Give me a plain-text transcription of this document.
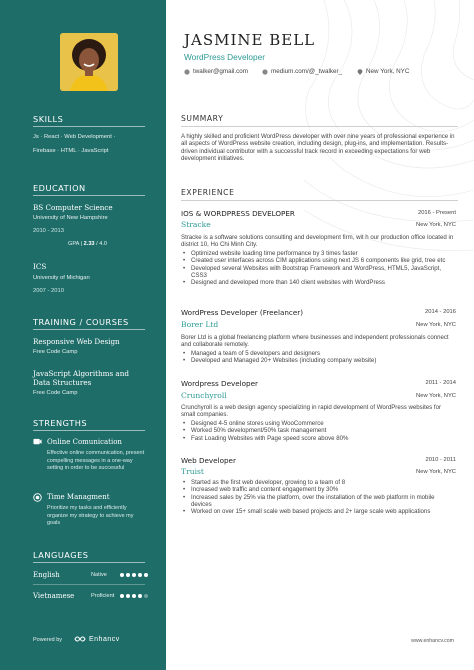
SKILLS
Js · React · Web Development ·
Firebase · HTML · JavaScript
EDUCATION
BS Computer Science
University of New Hampshire
2010 - 2013
GPA | 2.33 / 4.0
ICS
University of Michigan
2007 - 2010
TRAINING / COURSES
Responsive Web Design
Free Code Camp
JavaScript Algorithms and
Data Structures
Free Code Camp
STRENGTHS
Online Comunication
Effective online communication, present compelling messages in a one-way setting in order to be successful
Time Managment
Prioritize my tasks and efficiently organize my strategy to achieve my goals
LANGUAGES
English	Native
Vietnamese	Proficient
Powered by	Enhancv
JASMINE BELL
WordPress Developer
twalker@gmail.com	medium.com/@_twalker_	New York, NYC
SUMMARY
A highly skilled and proficient WordPress developer with over nine years of professional experience in all aspects of WordPress website creation, including design, plug-ins, and implementation. Results-driven individual contributor with a successful track record in exceeding expectations for web development initiatives.
EXPERIENCE
IOS & WORDPRESS DEVELOPER	2016 - Present
Stracke	New York, NYC
Stracke is a software solutions consulting and development firm, wit h our production office located in district 10, Ho Chi Minh City.
• Optimized website loading time performance by 3 times faster
• Created user interfaces across CIM applications using next JS 6 components like grid, tree etc
• Developed several Websites with Bootstrap Framework and WordPress, HTML5, JavaScript, CSS3
• Designed and developed more than 140 client websites with WordPress
WordPress Developer (Freelancer)	2014 - 2016
Borer Ltd	New York, NYC
Borer Ltd is a global freelancing platform where businesses and independent professionals connect and collaborate remotely.
• Managed a team of 5 developers and designers
• Developed and Managed 20+ Websites (including company website)
Wordpress Developer	2011 - 2014
Crunchyroll	New York, NYC
Crunchyroll is a web design agency specializing in rapid development of WordPress websites for small companies.
• Designed 4-5 online stores using WooCommerce
• Worked 50% development/50% task management
• Fast Loading Websites with Page speed score above 80%
Web Developer	2010 - 2011
Truist	New York, NYC
• Started as the first web developer, growing to a team of 8
• Increased web traffic and content engagement by 30%
• Increased sales by 25% via the platform, over the installation of the web platform in mobile devices
• Worked on over 15+ small scale web based projects and 2+ large scale web applications
www.enhancv.com
